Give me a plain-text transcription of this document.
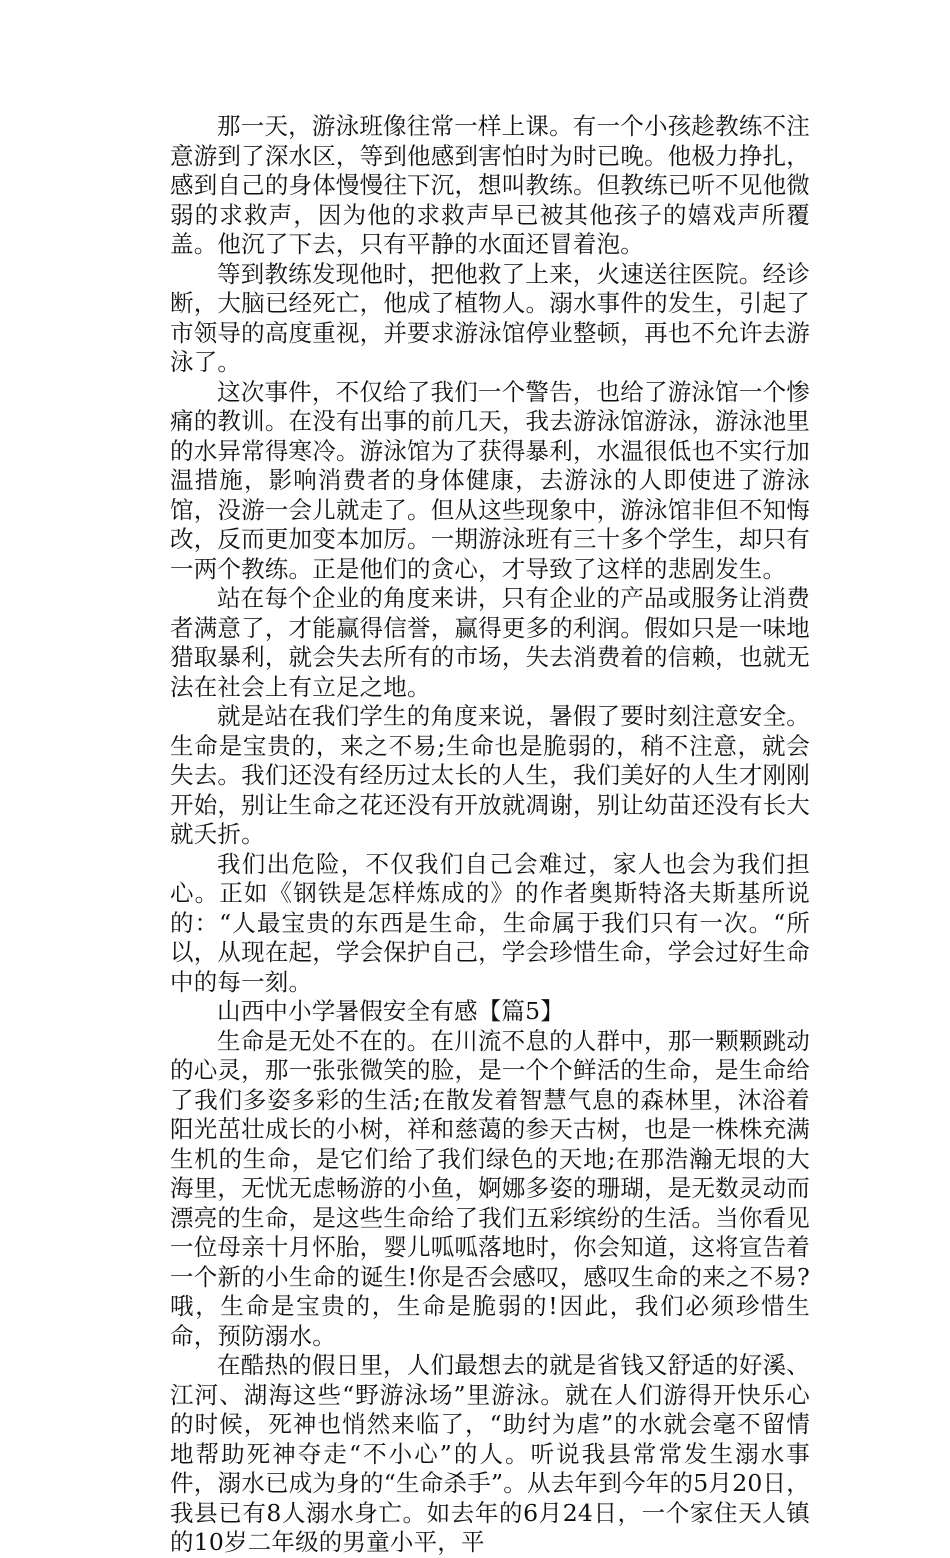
那一天，游泳班像往常一样上课。有一个小孩趁教练不注意游到了深水区，等到他感到害怕时为时已晚。他极力挣扎，感到自己的身体慢慢往下沉，想叫教练。但教练已听不见他微弱的求救声，因为他的求救声早已被其他孩子的嬉戏声所覆盖。他沉了下去，只有平静的水面还冒着泡。

等到教练发现他时，把他救了上来，火速送往医院。经诊断，大脑已经死亡，他成了植物人。溺水事件的发生，引起了市领导的高度重视，并要求游泳馆停业整顿，再也不允许去游泳了。

这次事件，不仅给了我们一个警告，也给了游泳馆一个惨痛的教训。在没有出事的前几天，我去游泳馆游泳，游泳池里的水异常得寒冷。游泳馆为了获得暴利，水温很低也不实行加温措施，影响消费者的身体健康，去游泳的人即使进了游泳馆，没游一会儿就走了。但从这些现象中，游泳馆非但不知悔改，反而更加变本加厉。一期游泳班有三十多个学生，却只有一两个教练。正是他们的贪心，才导致了这样的悲剧发生。

站在每个企业的角度来讲，只有企业的产品或服务让消费者满意了，才能赢得信誉，赢得更多的利润。假如只是一味地猎取暴利，就会失去所有的市场，失去消费着的信赖，也就无法在社会上有立足之地。

就是站在我们学生的角度来说，暑假了要时刻注意安全。生命是宝贵的，来之不易;生命也是脆弱的，稍不注意，就会失去。我们还没有经历过太长的人生，我们美好的人生才刚刚开始，别让生命之花还没有开放就凋谢，别让幼苗还没有长大就夭折。

我们出危险，不仅我们自己会难过，家人也会为我们担心。正如《钢铁是怎样炼成的》的作者奥斯特洛夫斯基所说的：“人最宝贵的东西是生命，生命属于我们只有一次。“所以，从现在起，学会保护自己，学会珍惜生命，学会过好生命中的每一刻。

山西中小学暑假安全有感【篇5】

生命是无处不在的。在川流不息的人群中，那一颗颗跳动的心灵，那一张张微笑的脸，是一个个鲜活的生命，是生命给了我们多姿多彩的生活;在散发着智慧气息的森林里，沐浴着阳光茁壮成长的小树，祥和慈蔼的参天古树，也是一株株充满生机的生命，是它们给了我们绿色的天地;在那浩瀚无垠的大海里，无忧无虑畅游的小鱼，婀娜多姿的珊瑚，是无数灵动而漂亮的生命，是这些生命给了我们五彩缤纷的生活。当你看见一位母亲十月怀胎，婴儿呱呱落地时，你会知道，这将宣告着一个新的小生命的诞生!你是否会感叹，感叹生命的来之不易?哦，生命是宝贵的，生命是脆弱的!因此，我们必须珍惜生命，预防溺水。

在酷热的假日里，人们最想去的就是省钱又舒适的好溪、江河、湖海这些“野游泳场”里游泳。就在人们游得开快乐心的时候，死神也悄然来临了，“助纣为虐”的水就会毫不留情地帮助死神夺走“不小心”的人。听说我县常常发生溺水事件，溺水已成为身的“生命杀手”。从去年到今年的5月20日，我县已有8人溺水身亡。如去年的6月24日，一个家住天人镇的10岁二年级的男童小平，平
